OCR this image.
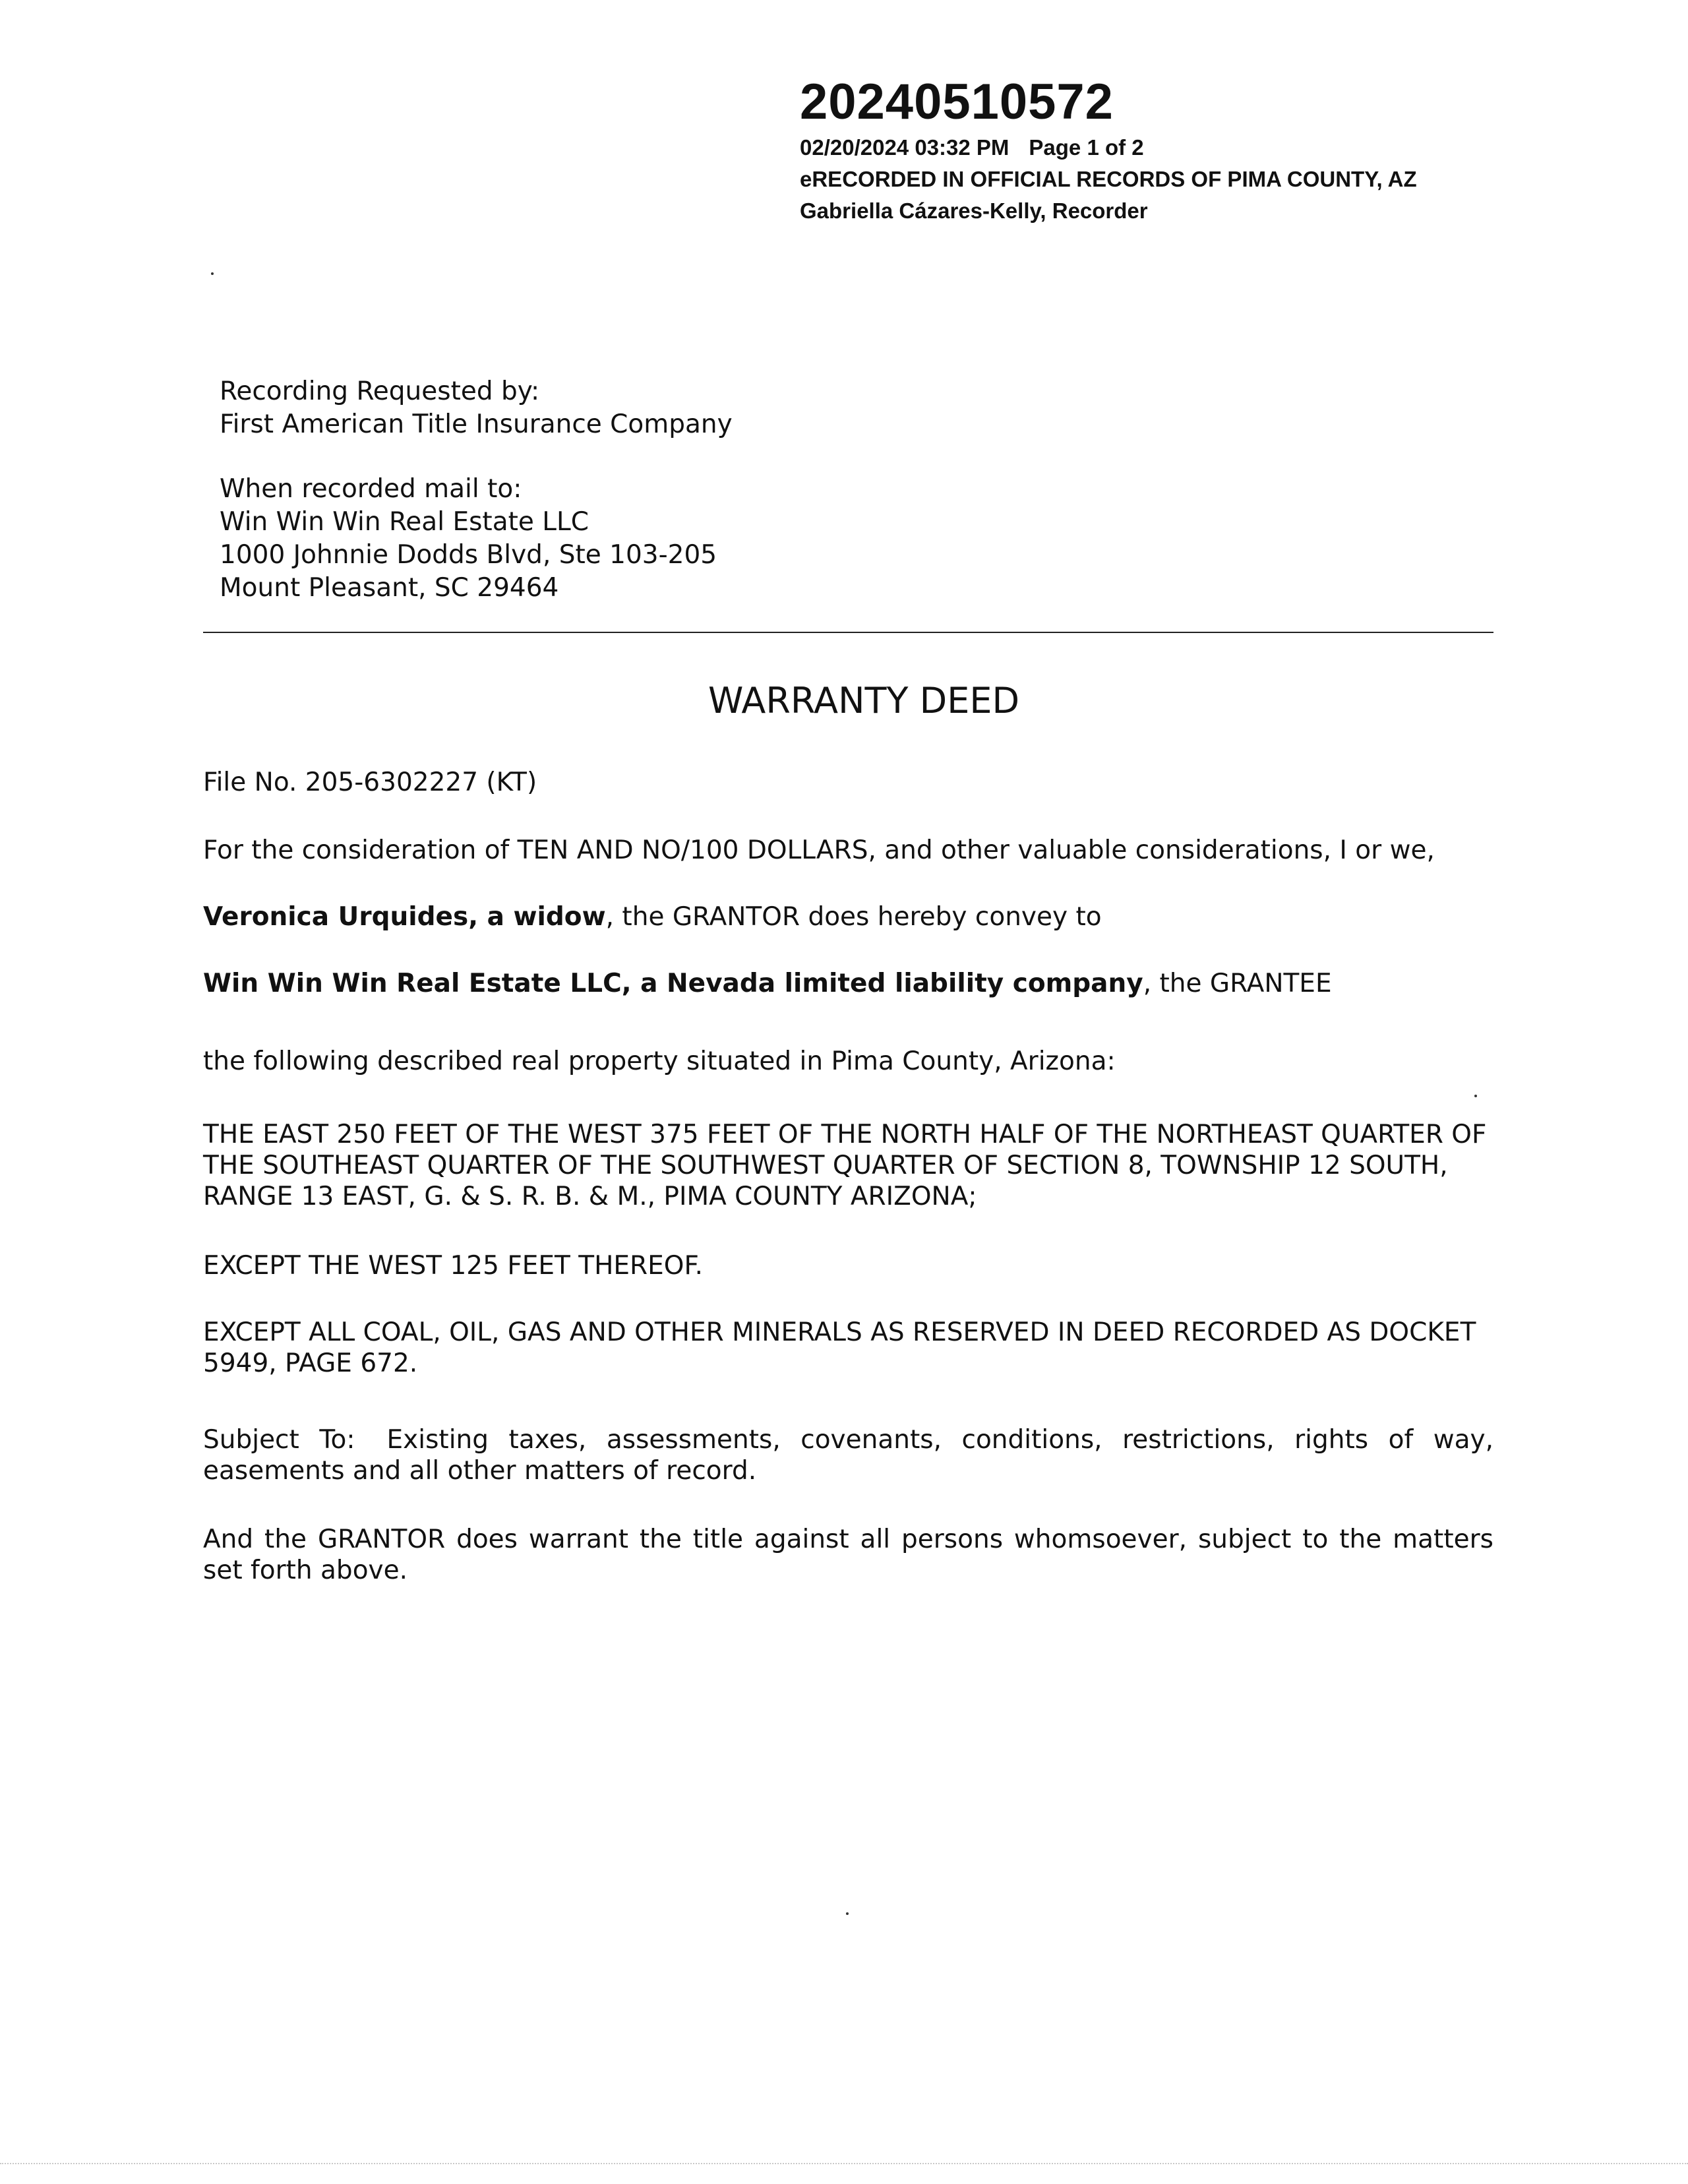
20240510572
02/20/2024 03:32 PM Page 1 of 2
eRECORDED IN OFFICIAL RECORDS OF PIMA COUNTY, AZ
Gabriella Cázares-Kelly, Recorder
Recording Requested by:
First American Title Insurance Company
When recorded mail to:
Win Win Win Real Estate LLC
1000 Johnnie Dodds Blvd, Ste 103-205
Mount Pleasant, SC 29464
WARRANTY DEED
File No. 205-6302227 (KT)
For the consideration of TEN AND NO/100 DOLLARS, and other valuable considerations, I or we,
Veronica Urquides, a widow, the GRANTOR does hereby convey to
Win Win Win Real Estate LLC, a Nevada limited liability company, the GRANTEE
the following described real property situated in Pima County, Arizona:
THE EAST 250 FEET OF THE WEST 375 FEET OF THE NORTH HALF OF THE NORTHEAST QUARTER OF
THE SOUTHEAST QUARTER OF THE SOUTHWEST QUARTER OF SECTION 8, TOWNSHIP 12 SOUTH,
RANGE 13 EAST, G. & S. R. B. & M., PIMA COUNTY ARIZONA;
EXCEPT THE WEST 125 FEET THEREOF.
EXCEPT ALL COAL, OIL, GAS AND OTHER MINERALS AS RESERVED IN DEED RECORDED AS DOCKET
5949, PAGE 672.
Subject To: Existing taxes, assessments, covenants, conditions, restrictions, rights of way, easements and all other matters of record.
And the GRANTOR does warrant the title against all persons whomsoever, subject to the matters set forth above.
